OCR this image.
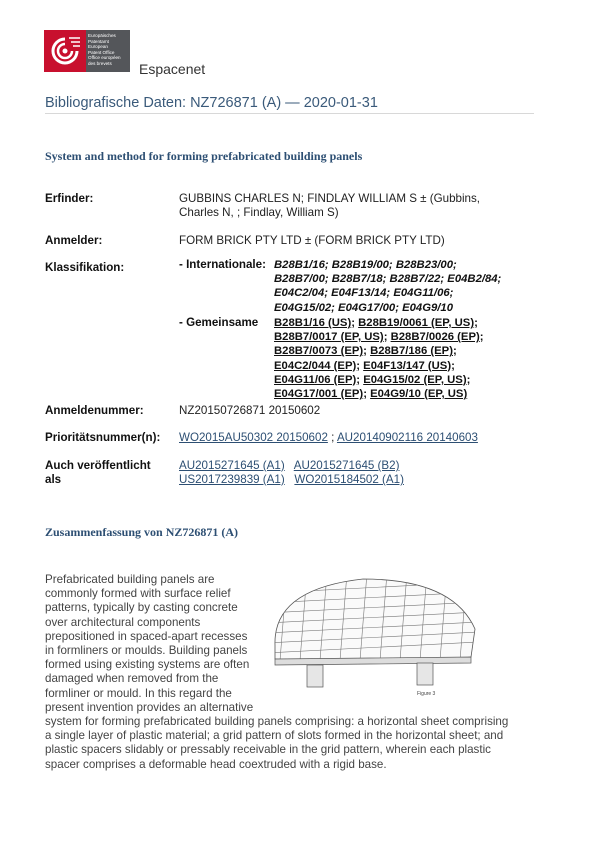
Europäisches
Patentamt
European
Patent Office
Office européen
des brevets	Espacenet
Bibliografische Daten: NZ726871 (A) ― 2020-01-31
System and method for forming prefabricated building panels
Erfinder:	GUBBINS CHARLES N; FINDLAY WILLIAM S ± (Gubbins,
Charles N, ; Findlay, William S)
Anmelder:	FORM BRICK PTY LTD ± (FORM BRICK PTY LTD)
Klassifikation:	- Internationale: B28B1/16; B28B19/00; B28B23/00;
B28B7/00; B28B7/18; B28B7/22; E04B2/84;
E04C2/04; E04F13/14; E04G11/06;
E04G15/02; E04G17/00; E04G9/10
- Gemeinsame B28B1/16 (US); B28B19/0061 (EP, US);
B28B7/0017 (EP, US); B28B7/0026 (EP);
B28B7/0073 (EP); B28B7/186 (EP);
E04C2/044 (EP); E04F13/147 (US);
E04G11/06 (EP); E04G15/02 (EP, US);
E04G17/001 (EP); E04G9/10 (EP, US)
Anmeldenummer:	NZ20150726871 20150602
Prioritätsnummer(n): WO2015AU50302 20150602 ; AU20140902116 20140603
Auch veröffentlicht
als
AU2015271645 (A1) AU2015271645 (B2)
US2017239839 (A1) WO2015184502 (A1)
Zusammenfassung von NZ726871 (A)
Figure 3
Prefabricated building panels are commonly formed with surface relief patterns, typically by casting concrete over architectural components prepositioned in spaced-apart recesses in formliners or moulds. Building panels formed using existing systems are often damaged when removed from the formliner or mould. In this regard the present invention provides an alternative system for forming prefabricated building panels comprising: a horizontal sheet comprising a single layer of plastic material; a grid pattern of slots formed in the horizontal sheet; and plastic spacers slidably or pressably receivable in the grid pattern, wherein each plastic spacer comprises a deformable head coextruded with a rigid base.
